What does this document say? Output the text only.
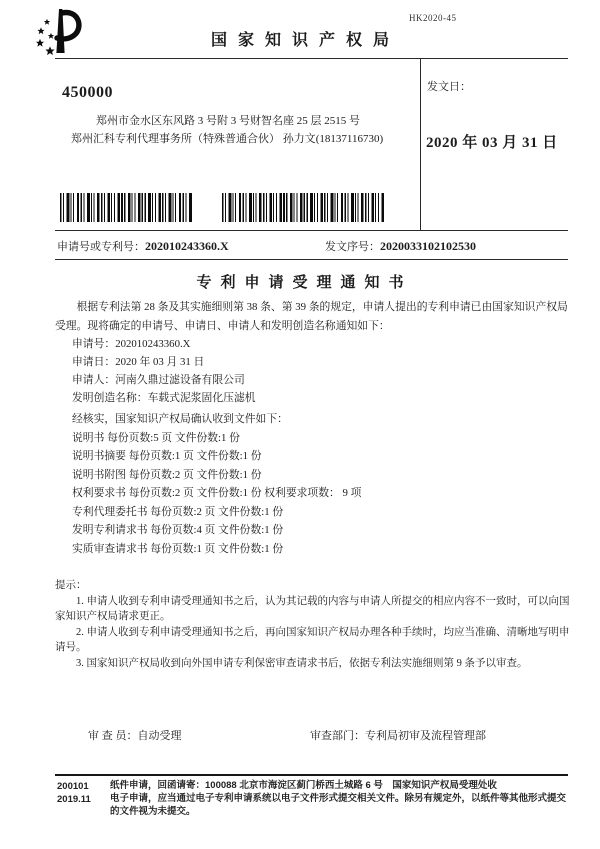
HK2020-45
国家知识产权局
450000
郑州市金水区东风路 3 号附 3 号财智名座 25 层 2515 号
郑州汇科专利代理事务所（特殊普通合伙） 孙力文(18137116730)
发文日：
2020 年 03 月 31 日
申请号或专利号：202010243360.X	发文序号：2020033102102530
专利申请受理通知书

根据专利法第 28 条及其实施细则第 38 条、第 39 条的规定，申请人提出的专利申请已由国家知识产权局受理。现将确定的申请号、申请日、申请人和发明创造名称通知如下：

申请号：202010243360.X
申请日：2020 年 03 月 31 日
申请人：河南久鼎过滤设备有限公司
发明创造名称：车载式泥浆固化压滤机
经核实，国家知识产权局确认收到文件如下：
说明书 每份页数:5 页 文件份数:1 份
说明书摘要 每份页数:1 页 文件份数:1 份
说明书附图 每份页数:2 页 文件份数:1 份
权利要求书 每份页数:2 页 文件份数:1 份 权利要求项数： 9 项
专利代理委托书 每份页数:2 页 文件份数:1 份
发明专利请求书 每份页数:4 页 文件份数:1 份
实质审查请求书 每份页数:1 页 文件份数:1 份
提示：
1. 申请人收到专利申请受理通知书之后，认为其记载的内容与申请人所提交的相应内容不一致时，可以向国家知识产权局请求更正。
2. 申请人收到专利申请受理通知书之后，再向国家知识产权局办理各种手续时，均应当准确、清晰地写明申请号。
3. 国家知识产权局收到向外国申请专利保密审查请求书后，依据专利法实施细则第 9 条予以审查。
审 查 员：自动受理	审查部门：专利局初审及流程管理部
200101	纸件申请，回函请寄：100088 北京市海淀区蓟门桥西土城路 6 号　国家知识产权局受理处收
2019.11	电子申请，应当通过电子专利申请系统以电子文件形式提交相关文件。除另有规定外，以纸件等其他形式提交的文件视为未提交。
